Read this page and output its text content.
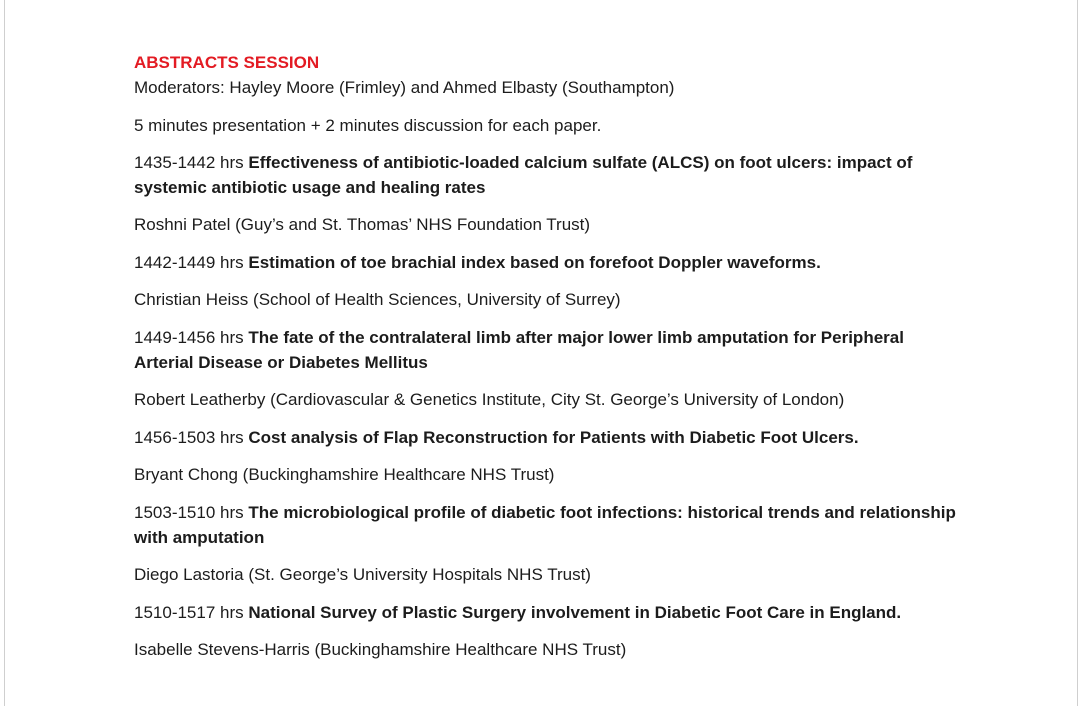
ABSTRACTS SESSION
Moderators: Hayley Moore (Frimley) and Ahmed Elbasty (Southampton)
5 minutes presentation + 2 minutes discussion for each paper.
1435-1442 hrs Effectiveness of antibiotic-loaded calcium sulfate (ALCS) on foot ulcers: impact of systemic antibiotic usage and healing rates
Roshni Patel (Guy’s and St. Thomas’ NHS Foundation Trust)
1442-1449 hrs Estimation of toe brachial index based on forefoot Doppler waveforms.
Christian Heiss (School of Health Sciences, University of Surrey)
1449-1456 hrs The fate of the contralateral limb after major lower limb amputation for Peripheral Arterial Disease or Diabetes Mellitus
Robert Leatherby (Cardiovascular & Genetics Institute, City St. George’s University of London)
1456-1503 hrs Cost analysis of Flap Reconstruction for Patients with Diabetic Foot Ulcers.
Bryant Chong (Buckinghamshire Healthcare NHS Trust)
1503-1510 hrs The microbiological profile of diabetic foot infections: historical trends and relationship with amputation
Diego Lastoria (St. George’s University Hospitals NHS Trust)
1510-1517 hrs National Survey of Plastic Surgery involvement in Diabetic Foot Care in England.
Isabelle Stevens-Harris (Buckinghamshire Healthcare NHS Trust)
